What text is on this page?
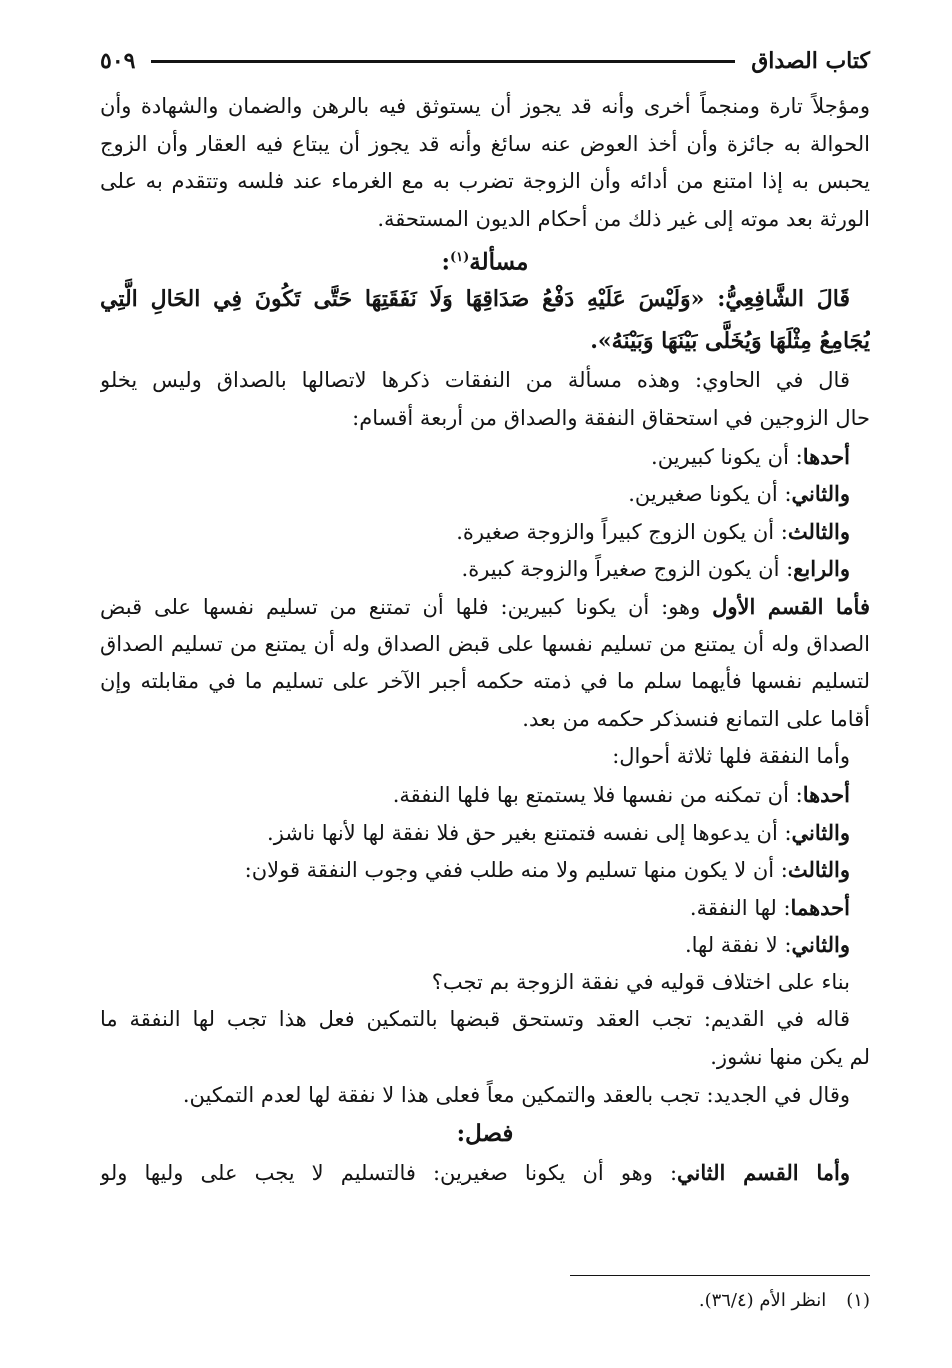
كتاب الصداق
٥٠٩
ومؤجلاً تارة ومنجماً أخرى وأنه قد يجوز أن يستوثق فيه بالرهن والضمان والشهادة وأن
الحوالة به جائزة وأن أخذ العوض عنه سائغ وأنه قد يجوز أن يبتاع فيه العقار وأن الزوج
يحبس به إذا امتنع من أدائه وأن الزوجة تضرب به مع الغرماء عند فلسه وتتقدم به على
الورثة بعد موته إلى غير ذلك من أحكام الديون المستحقة.
مسألة$^{(١)}$:
قَالَ الشَّافِعِيُّ: «وَلَيْسَ عَلَيْهِ دَفْعُ صَدَاقِهَا وَلَا نَفَقَتِهَا حَتَّى تَكُونَ فِي الحَالِ الَّتِي
يُجَامِعُ مِثْلَهَا وَيُخَلَّى بَيْنَهَا وَبَيْنَهُ».
قال في الحاوي: وهذه مسألة من النفقات ذكرها لاتصالها بالصداق وليس يخلو
حال الزوجين في استحقاق النفقة والصداق من أربعة أقسام:
أحدها: أن يكونا كبيرين.
والثاني: أن يكونا صغيرين.
والثالث: أن يكون الزوج كبيراً والزوجة صغيرة.
والرابع: أن يكون الزوج صغيراً والزوجة كبيرة.
فأما القسم الأول وهو: أن يكونا كبيرين: فلها أن تمتنع من تسليم نفسها على قبض
الصداق وله أن يمتنع من تسليم نفسها على قبض الصداق وله أن يمتنع من تسليم الصداق
لتسليم نفسها فأيهما سلم ما في ذمته حكمه أجبر الآخر على تسليم ما في مقابلته وإن
أقاما على التمانع فنسذكر حكمه من بعد.
وأما النفقة فلها ثلاثة أحوال:
أحدها: أن تمكنه من نفسها فلا يستمتع بها فلها النفقة.
والثاني: أن يدعوها إلى نفسه فتمتنع بغير حق فلا نفقة لها لأنها ناشز.
والثالث: أن لا يكون منها تسليم ولا منه طلب ففي وجوب النفقة قولان:
أحدهما: لها النفقة.
والثاني: لا نفقة لها.
بناء على اختلاف قوليه في نفقة الزوجة بم تجب؟
قاله في القديم: تجب العقد وتستحق قبضها بالتمكين فعل هذا تجب لها النفقة ما
لم يكن منها نشوز.
وقال في الجديد: تجب بالعقد والتمكين معاً فعلى هذا لا نفقة لها لعدم التمكين.
فصل:
وأما القسم الثاني: وهو أن يكونا صغيرين: فالتسليم لا يجب على وليها ولو
(١)انظر الأم (٣٦/٤).
